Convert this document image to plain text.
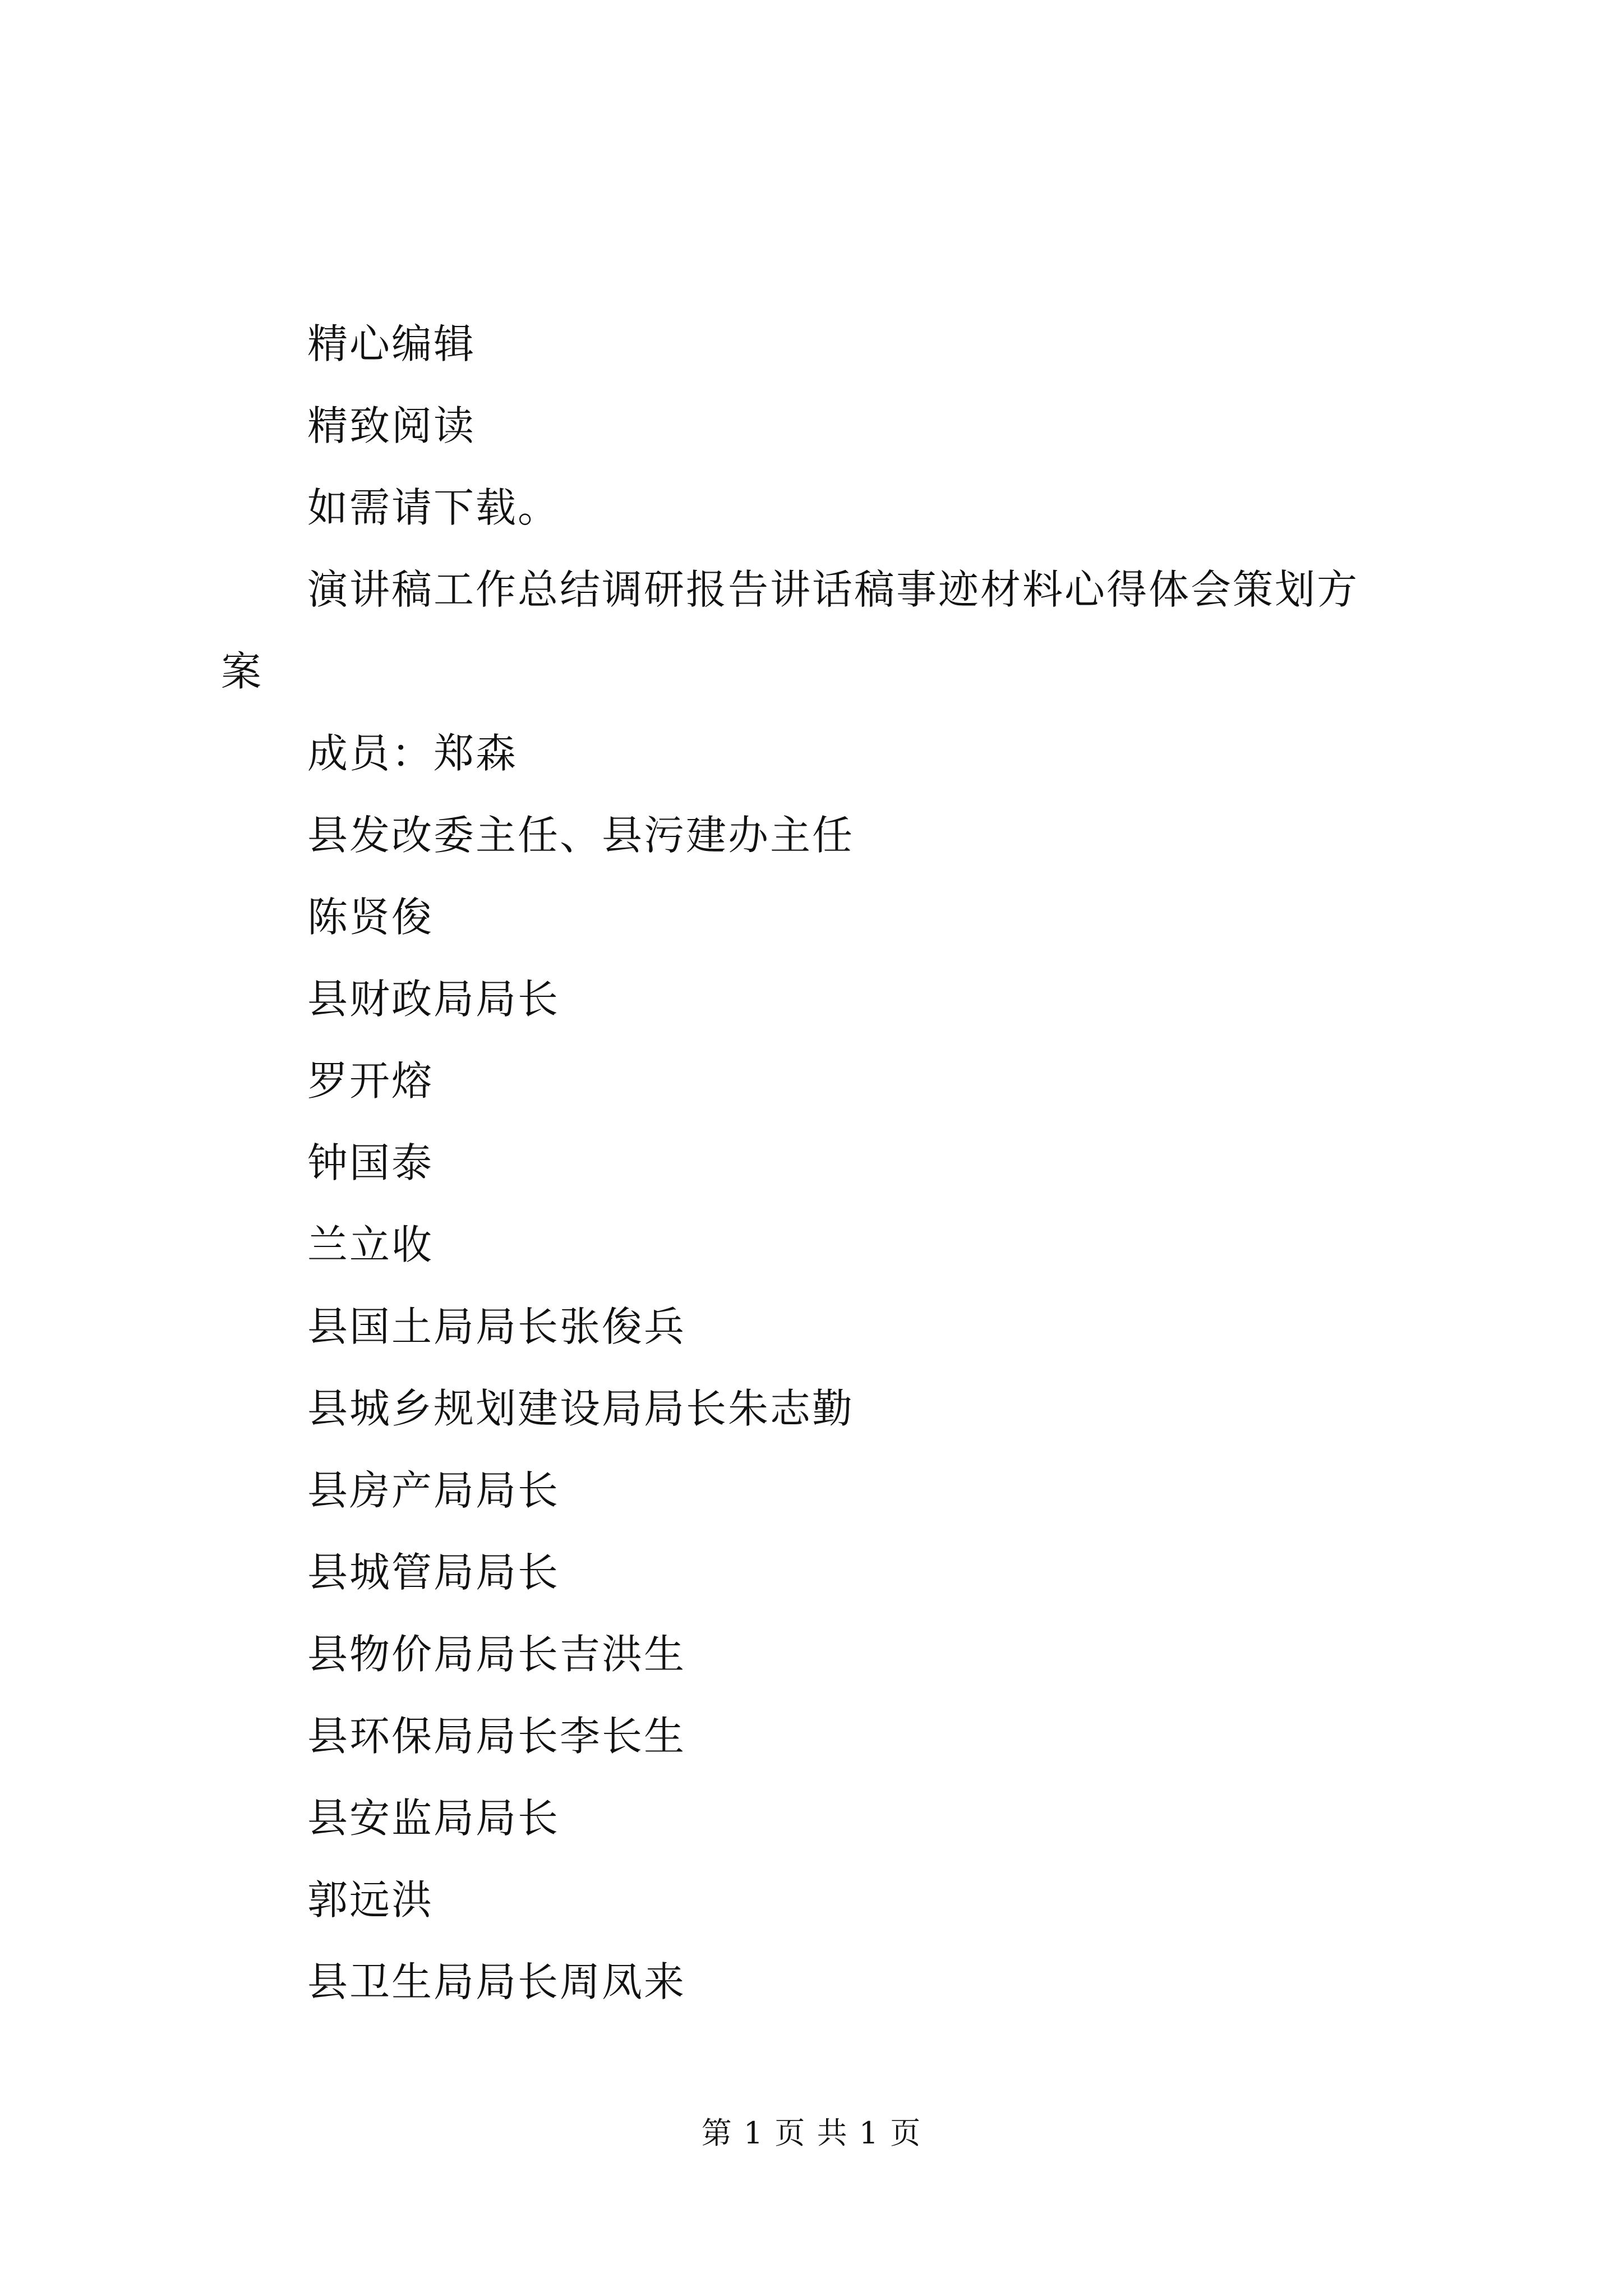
精心编辑
精致阅读
如需请下载。
演讲稿工作总结调研报告讲话稿事迹材料心得体会策划方
案
成员：郑森
县发改委主任、县污建办主任
陈贤俊
县财政局局长
罗开熔
钟国泰
兰立收
县国土局局长张俊兵
县城乡规划建设局局长朱志勤
县房产局局长
县城管局局长
县物价局局长吉洪生
县环保局局长李长生
县安监局局长
郭远洪
县卫生局局长周凤来
第 1 页 共 1 页
